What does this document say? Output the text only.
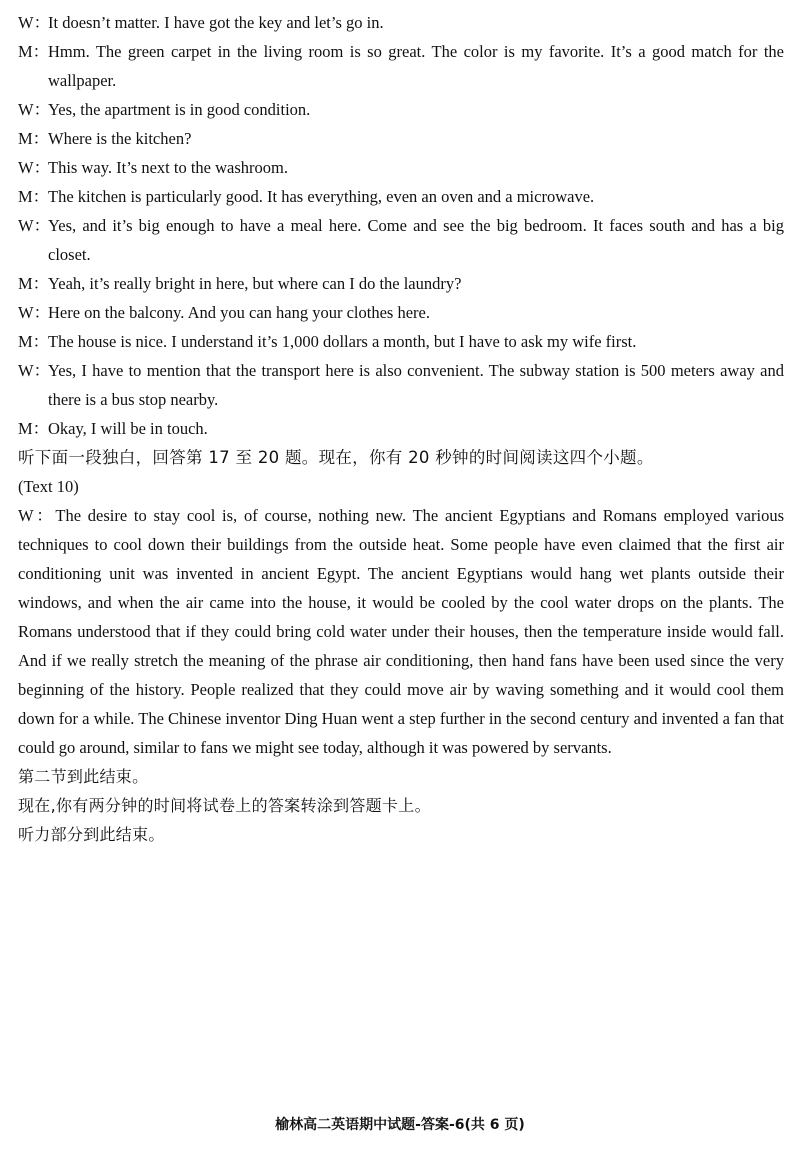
W：It doesn’t matter. I have got the key and let’s go in.

M：Hmm. The green carpet in the living room is so great. The color is my favorite. It’s a good match for the wallpaper.

W：Yes, the apartment is in good condition.

M：Where is the kitchen?

W：This way. It’s next to the washroom.

M：The kitchen is particularly good. It has everything, even an oven and a microwave.

W：Yes, and it’s big enough to have a meal here. Come and see the big bedroom. It faces south and has a big closet.

M：Yeah, it’s really bright in here, but where can I do the laundry?

W：Here on the balcony. And you can hang your clothes here.

M：The house is nice. I understand it’s 1,000 dollars a month, but I have to ask my wife first.

W：Yes, I have to mention that the transport here is also convenient. The subway station is 500 meters away and there is a bus stop nearby.

M：Okay, I will be in touch.

听下面一段独白，回答第 17 至 20 题。现在，你有 20 秒钟的时间阅读这四个小题。

(Text 10)

W：The desire to stay cool is, of course, nothing new. The ancient Egyptians and Romans employed various techniques to cool down their buildings from the outside heat. Some people have even claimed that the first air conditioning unit was invented in ancient Egypt. The ancient Egyptians would hang wet plants outside their windows, and when the air came into the house, it would be cooled by the cool water drops on the plants. The Romans understood that if they could bring cold water under their houses, then the temperature inside would fall. And if we really stretch the meaning of the phrase air conditioning, then hand fans have been used since the very beginning of the history. People realized that they could move air by waving something and it would cool them down for a while. The Chinese inventor Ding Huan went a step further in the second century and invented a fan that could go around, similar to fans we might see today, although it was powered by servants.

第二节到此结束。

现在,你有两分钟的时间将试卷上的答案转涂到答题卡上。

听力部分到此结束。

榆林高二英语期中试题-答案-6(共 6 页)
